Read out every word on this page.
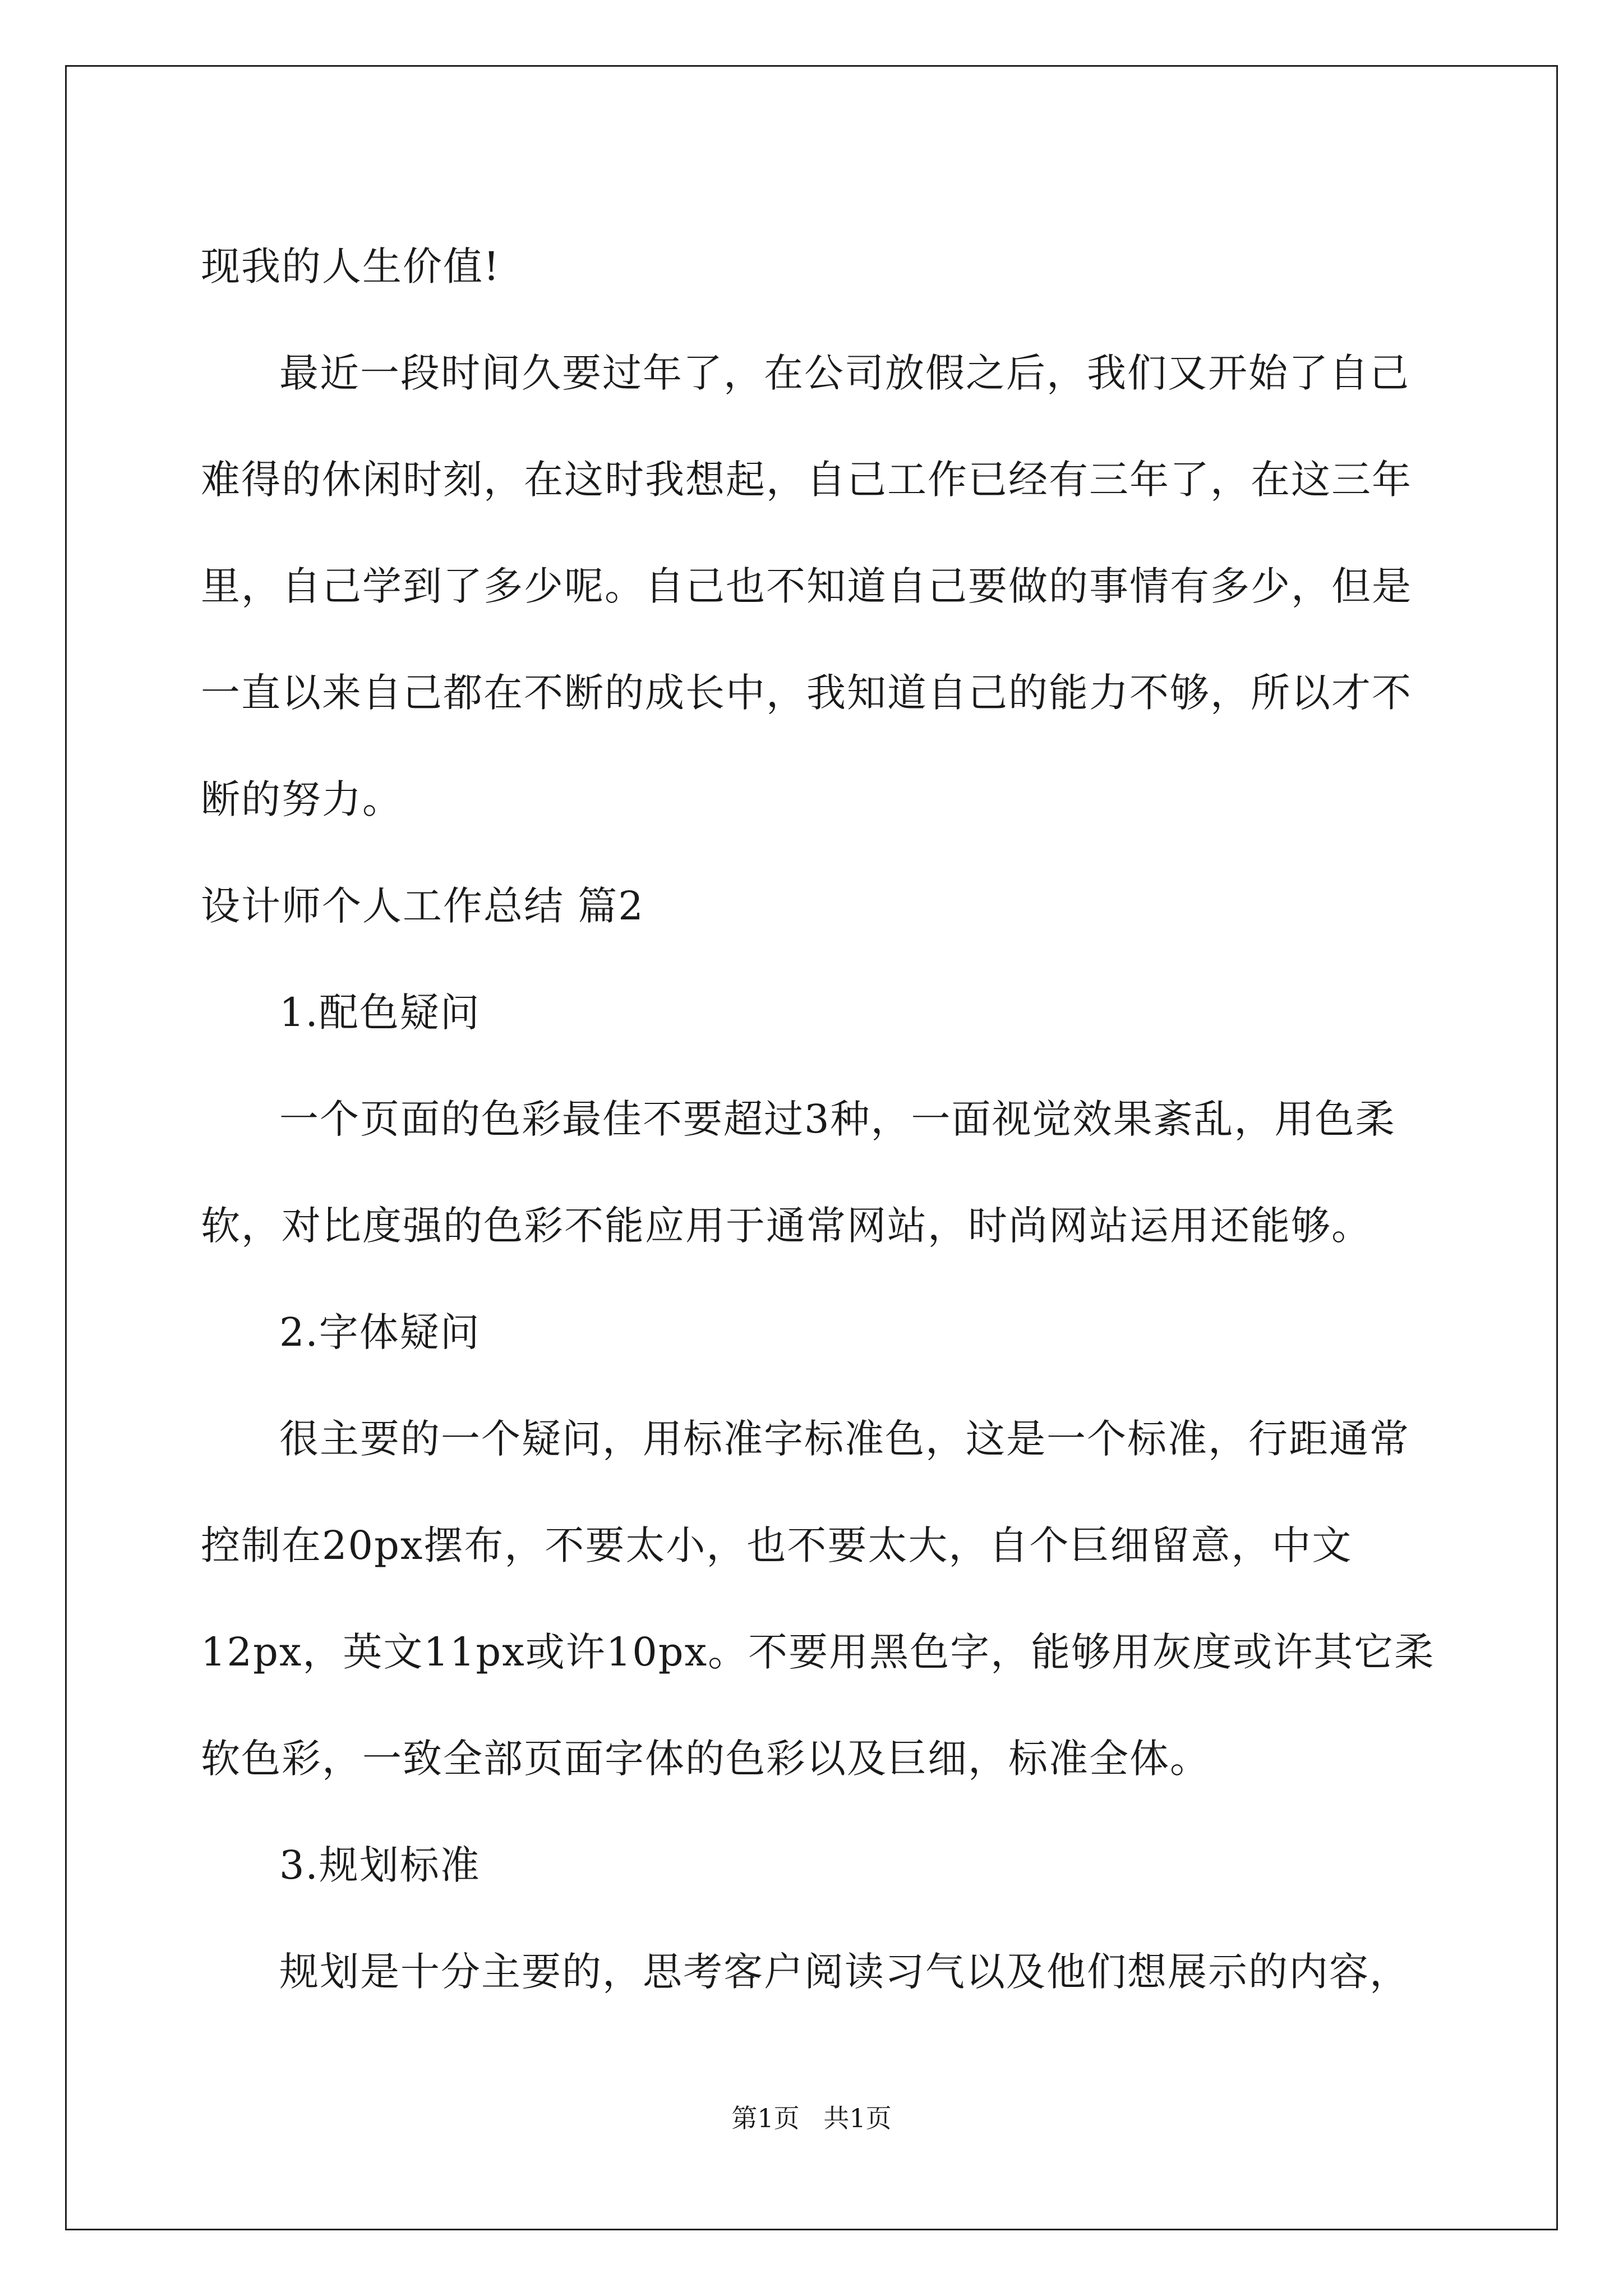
现我的人生价值!
最近一段时间久要过年了，在公司放假之后，我们又开始了自己
难得的休闲时刻，在这时我想起，自己工作已经有三年了，在这三年
里，自己学到了多少呢。自己也不知道自己要做的事情有多少，但是
一直以来自己都在不断的成长中，我知道自己的能力不够，所以才不
断的努力。
设计师个人工作总结 篇2
1.配色疑问
一个页面的色彩最佳不要超过3种，一面视觉效果紊乱，用色柔
软，对比度强的色彩不能应用于通常网站，时尚网站运用还能够。
2.字体疑问
很主要的一个疑问，用标准字标准色，这是一个标准，行距通常
控制在20px摆布，不要太小，也不要太大，自个巨细留意，中文
12px，英文11px或许10px。不要用黑色字，能够用灰度或许其它柔
软色彩，一致全部页面字体的色彩以及巨细，标准全体。
3.规划标准
规划是十分主要的，思考客户阅读习气以及他们想展示的内容，
第1页 共1页
